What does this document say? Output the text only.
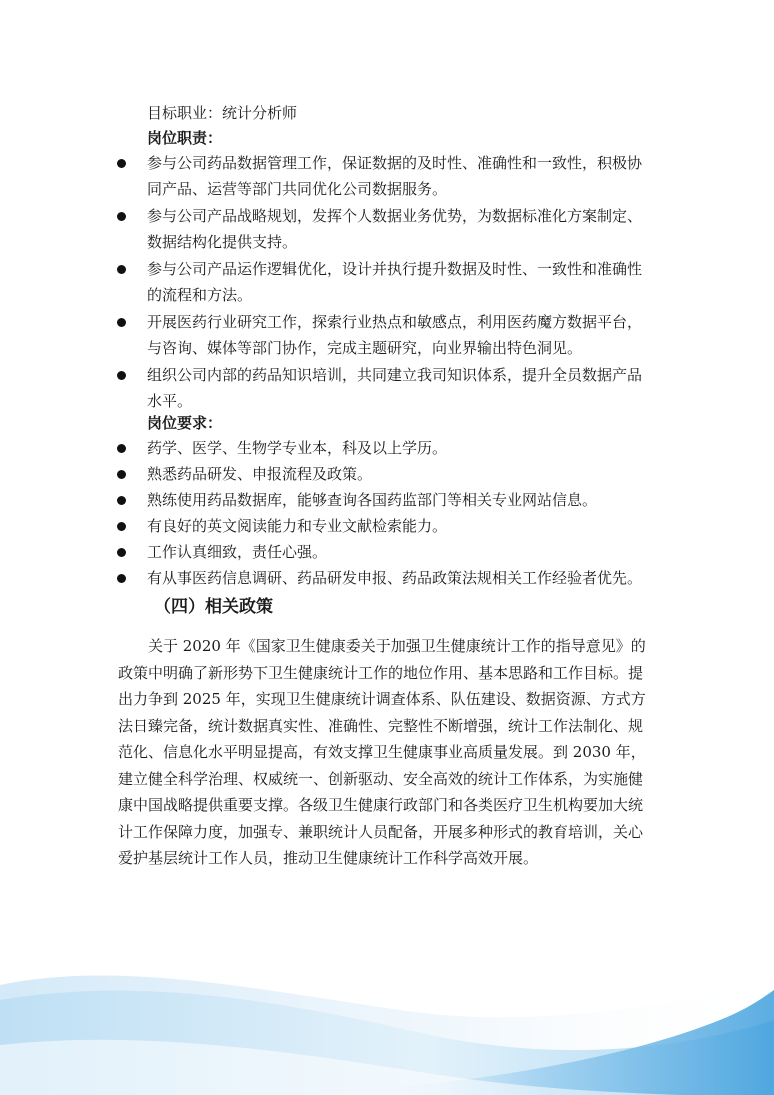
目标职业：统计分析师
岗位职责：
参与公司药品数据管理工作，保证数据的及时性、准确性和一致性，积极协
同产品、运营等部门共同优化公司数据服务。
参与公司产品战略规划，发挥个人数据业务优势，为数据标准化方案制定、
数据结构化提供支持。
参与公司产品运作逻辑优化，设计并执行提升数据及时性、一致性和准确性
的流程和方法。
开展医药行业研究工作，探索行业热点和敏感点，利用医药魔方数据平台，
与咨询、媒体等部门协作，完成主题研究，向业界输出特色洞见。
组织公司内部的药品知识培训，共同建立我司知识体系，提升全员数据产品
水平。
岗位要求：
药学、医学、生物学专业本，科及以上学历。
熟悉药品研发、申报流程及政策。
熟练使用药品数据库，能够查询各国药监部门等相关专业网站信息。
有良好的英文阅读能力和专业文献检索能力。
工作认真细致，责任心强。
有从事医药信息调研、药品研发申报、药品政策法规相关工作经验者优先。
（四）相关政策
关于 2020 年《国家卫生健康委关于加强卫生健康统计工作的指导意见》的
政策中明确了新形势下卫生健康统计工作的地位作用、基本思路和工作目标。提
出力争到 2025 年，实现卫生健康统计调查体系、队伍建设、数据资源、方式方
法日臻完备，统计数据真实性、准确性、完整性不断增强，统计工作法制化、规
范化、信息化水平明显提高，有效支撑卫生健康事业高质量发展。到 2030 年，
建立健全科学治理、权威统一、创新驱动、安全高效的统计工作体系，为实施健
康中国战略提供重要支撑。各级卫生健康行政部门和各类医疗卫生机构要加大统
计工作保障力度，加强专、兼职统计人员配备，开展多种形式的教育培训，关心
爱护基层统计工作人员，推动卫生健康统计工作科学高效开展。
